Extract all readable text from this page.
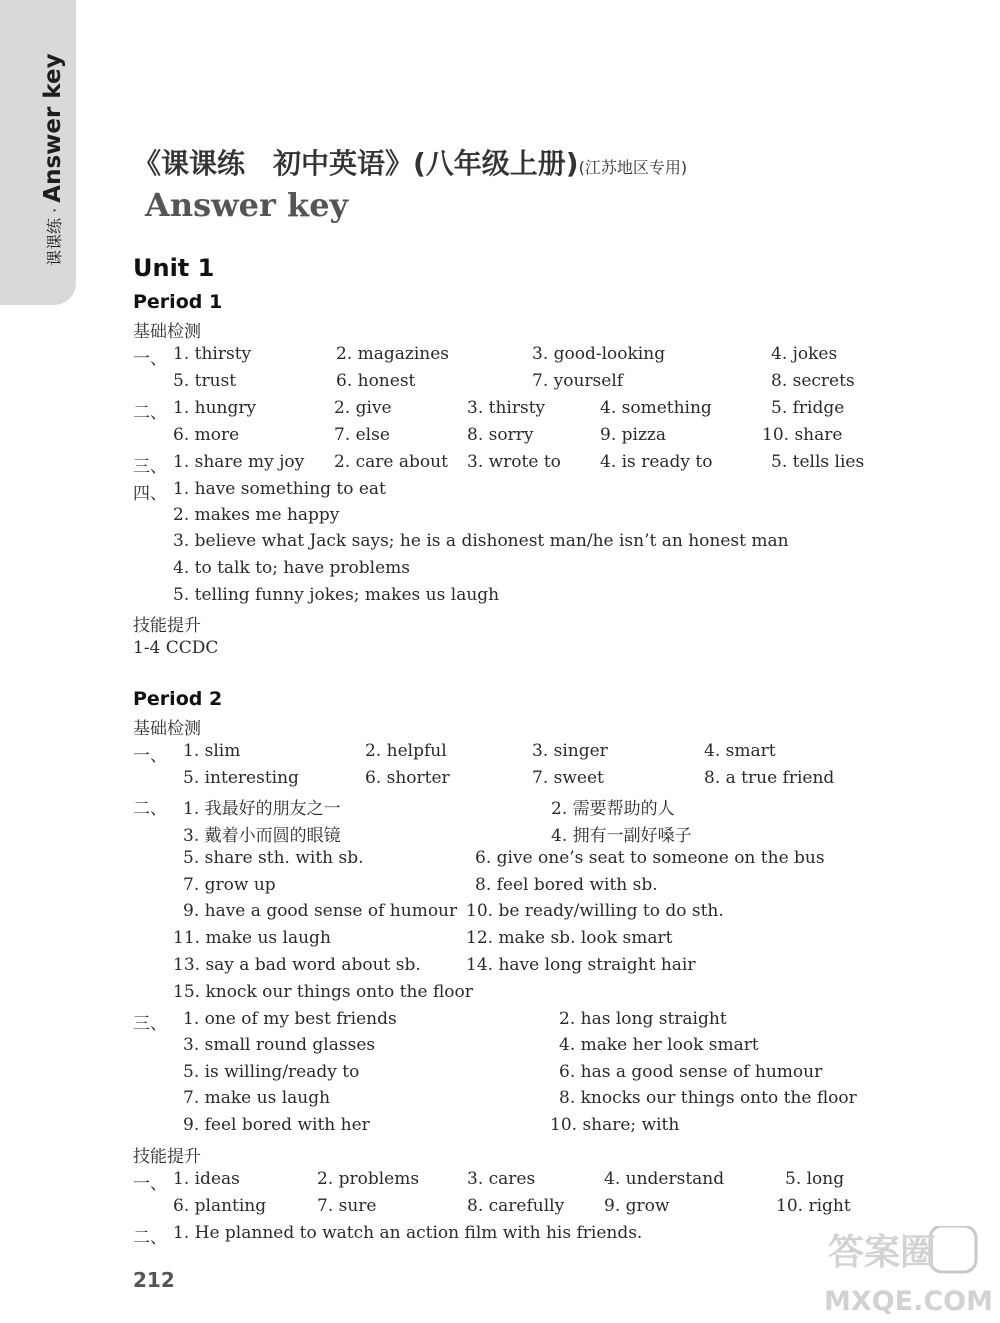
课课练 · Answer key 《课课练　初中英语》(八年级上册)(江苏地区专用)
Answer key
Unit 1
Period 1
基础检测
一、 1. thirsty	2. magazines	3. good-looking	4. jokes
5. trust	6. honest	7. yourself	8. secrets
二、 1. hungry	2. give	3. thirsty	4. something	5. fridge
6. more	7. else	8. sorry	9. pizza	10. share
三、 1. share my joy 2. care about 3. wrote to 4. is ready to	5. tells lies
四、 1. have something to eat
2. makes me happy
3. believe what Jack says; he is a dishonest man/he isn’t an honest man
4. to talk to; have problems
5. telling funny jokes; makes us laugh
技能提升
1-4 CCDC
Period 2
基础检测
一、 1. slim	2. helpful	3. singer	4. smart
5. interesting	6. shorter	7. sweet	8. a true friend
二、 1. 我最好的朋友之一	2. 需要帮助的人
3. 戴着小而圆的眼镜	4. 拥有一副好嗓子
5. share sth. with sb.	6. give one’s seat to someone on the bus
7. grow up	8. feel bored with sb.
9. have a good sense of humour 10. be ready/willing to do sth.
11. make us laugh	12. make sb. look smart
13. say a bad word about sb.	14. have long straight hair
15. knock our things onto the floor
三、 1. one of my best friends	2. has long straight
3. small round glasses	4. make her look smart
5. is willing/ready to	6. has a good sense of humour
7. make us laugh	8. knocks our things onto the floor
9. feel bored with her	10. share; with
技能提升
一、 1. ideas	2. problems	3. cares	4. understand	5. long
6. planting	7. sure	8. carefully 9. grow	10. right
二、 1. He planned to watch an action film with his friends.
212
答案圈
MXQE.COM
